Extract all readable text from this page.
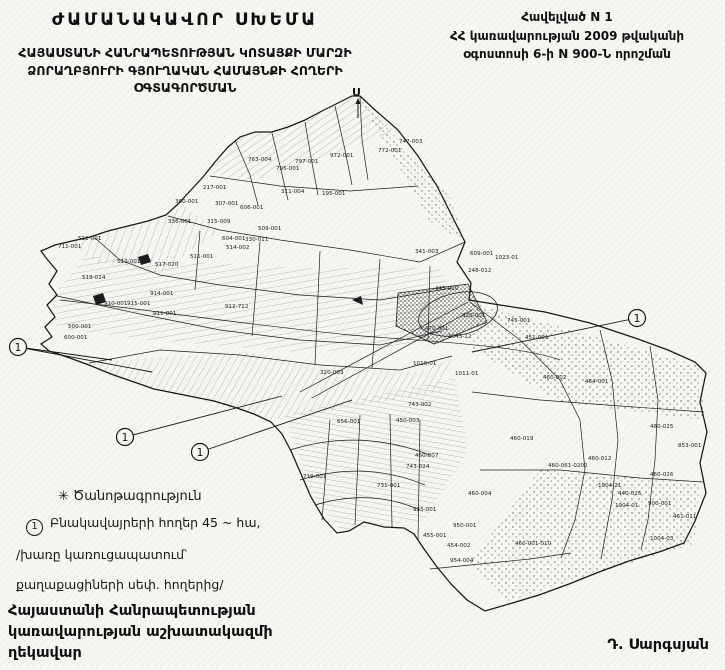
Ս
972-001
772-001
747-003
797-001
795-001
763-004
311-004	195-001
217-001
300-001	307-001
606-001
336-001	315-009
604-001 330-011
711-001
512-001
513-001	517-020
519-014
511-001
514-002
509-001
914-001
911-001
915-001
910-001	912-712
500-001
600-001
341-003
1023-01
609-001
248-012
445-010
920-001
745-001
470-001
1043-12	451-001
1010-01
1011-01
460-002
464-001
450-003
743-002
460-007
743-024
460-019
460-061-0202
320-003
656-001
719-001
731-001
955-001
460-004
950-001
455-001
454-002	460-001-010
954-004
460-025
853-001
460-012
460-026
1004-21
440-025
1904-01 900-001
461-011
1004-03
1
1
1
1
Հավելված N 1
ՀՀ կառավարության 2009 թվականի
օգոստոսի 6-ի N 900-Ն որոշման
ԺԱՄԱՆԱԿԱՎՈՐ ՍԽԵՄԱ
ՀԱՅԱՍՏԱՆԻ ՀԱՆՐԱՊԵՏՈՒԹՅԱՆ ԿՈՏԱՅՔԻ ՄԱՐԶԻ
ՁՈՐԱՂԲՅՈՒՐԻ ԳՅՈՒՂԱԿԱՆ ՀԱՄԱՅՆՔԻ ՀՈՂԵՐԻ
ՕԳՏԱԳՈՐԾՄԱՆ
✳ Ծանոթագրություն
1 Բնակավայրերի հողեր 45 ~ հա,
/խառը կառուցապատում՝
քաղաքացիների սեփ. հողերից/
Հայաստանի Հանրապետության
կառավարության աշխատակազմի
ղեկավար
Դ. Սարգսյան
